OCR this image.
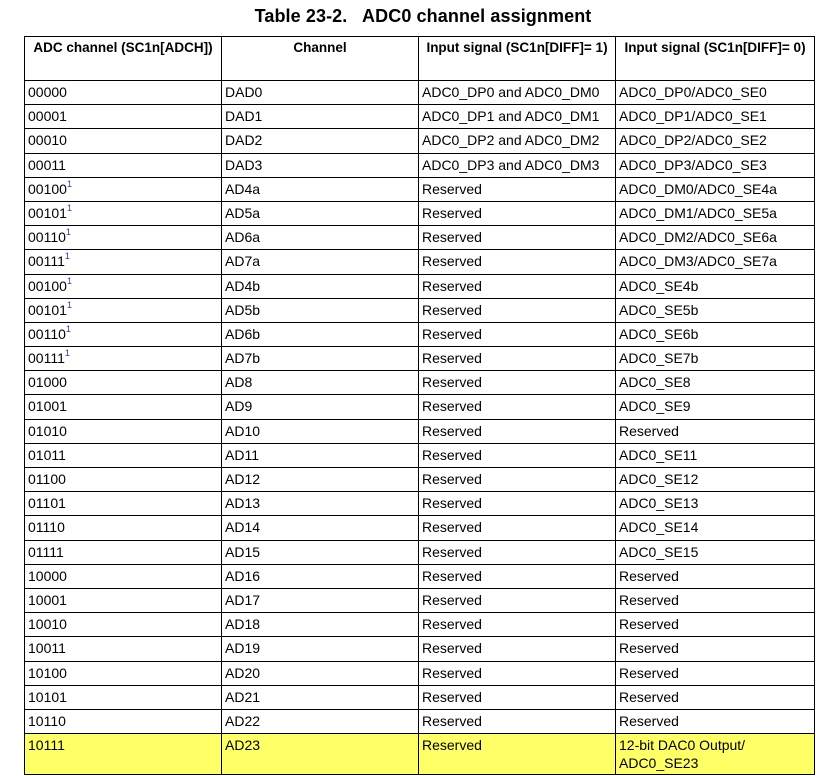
Table 23-2.   ADC0 channel assignment
ADC channel (SC1n[ADCH])	Channel	Input signal (SC1n[DIFF]= 1)	Input signal (SC1n[DIFF]= 0)
00000	DAD0	ADC0_DP0 and ADC0_DM0	ADC0_DP0/ADC0_SE0
00001	DAD1	ADC0_DP1 and ADC0_DM1	ADC0_DP1/ADC0_SE1
00010	DAD2	ADC0_DP2 and ADC0_DM2	ADC0_DP2/ADC0_SE2
00011	DAD3	ADC0_DP3 and ADC0_DM3	ADC0_DP3/ADC0_SE3
00100$^1$	AD4a	Reserved	ADC0_DM0/ADC0_SE4a
00101$^1$	AD5a	Reserved	ADC0_DM1/ADC0_SE5a
00110$^1$	AD6a	Reserved	ADC0_DM2/ADC0_SE6a
00111$^1$	AD7a	Reserved	ADC0_DM3/ADC0_SE7a
00100$^1$	AD4b	Reserved	ADC0_SE4b
00101$^1$	AD5b	Reserved	ADC0_SE5b
00110$^1$	AD6b	Reserved	ADC0_SE6b
00111$^1$	AD7b	Reserved	ADC0_SE7b
01000	AD8	Reserved	ADC0_SE8
01001	AD9	Reserved	ADC0_SE9
01010	AD10	Reserved	Reserved
01011	AD11	Reserved	ADC0_SE11
01100	AD12	Reserved	ADC0_SE12
01101	AD13	Reserved	ADC0_SE13
01110	AD14	Reserved	ADC0_SE14
01111	AD15	Reserved	ADC0_SE15
10000	AD16	Reserved	Reserved
10001	AD17	Reserved	Reserved
10010	AD18	Reserved	Reserved
10011	AD19	Reserved	Reserved
10100	AD20	Reserved	Reserved
10101	AD21	Reserved	Reserved
10110	AD22	Reserved	Reserved
10111	AD23	Reserved	12-bit DAC0 Output/ ADC0_SE23
